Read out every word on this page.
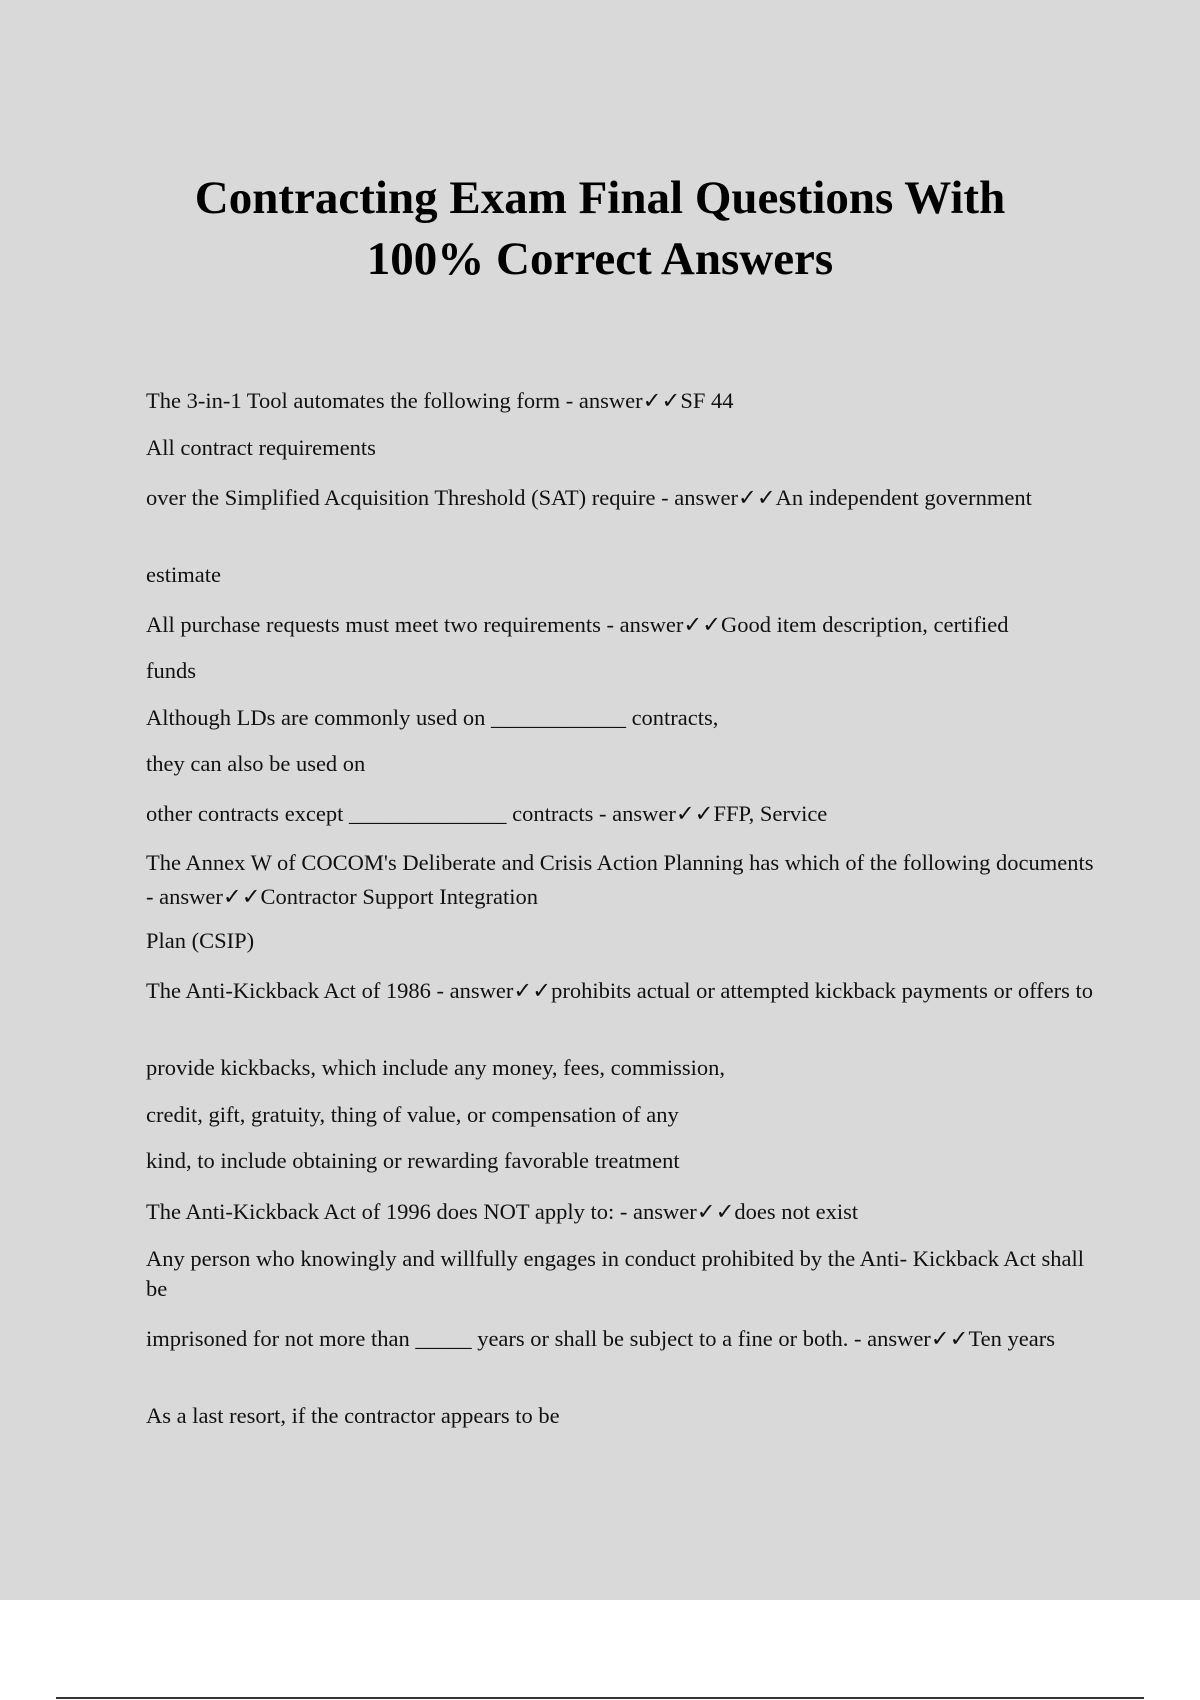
Contracting Exam Final Questions With
100% Correct Answers

The 3-in-1 Tool automates the following form - answer✓✓SF 44

All contract requirements

over the Simplified Acquisition Threshold (SAT) require - answer✓✓An independent government

estimate

All purchase requests must meet two requirements - answer✓✓Good item description, certified

funds

Although LDs are commonly used on ____________ contracts,

they can also be used on

other contracts except ______________ contracts - answer✓✓FFP, Service

The Annex W of COCOM's Deliberate and Crisis Action Planning has which of the following documents - answer✓✓Contractor Support Integration

Plan (CSIP)

The Anti-Kickback Act of 1986 - answer✓✓prohibits actual or attempted kickback payments or offers to

provide kickbacks, which include any money, fees, commission,

credit, gift, gratuity, thing of value, or compensation of any

kind, to include obtaining or rewarding favorable treatment

The Anti-Kickback Act of 1996 does NOT apply to: - answer✓✓does not exist

Any person who knowingly and willfully engages in conduct prohibited by the Anti- Kickback Act shall be

imprisoned for not more than _____ years or shall be subject to a fine or both. - answer✓✓Ten years

As a last resort, if the contractor appears to be
